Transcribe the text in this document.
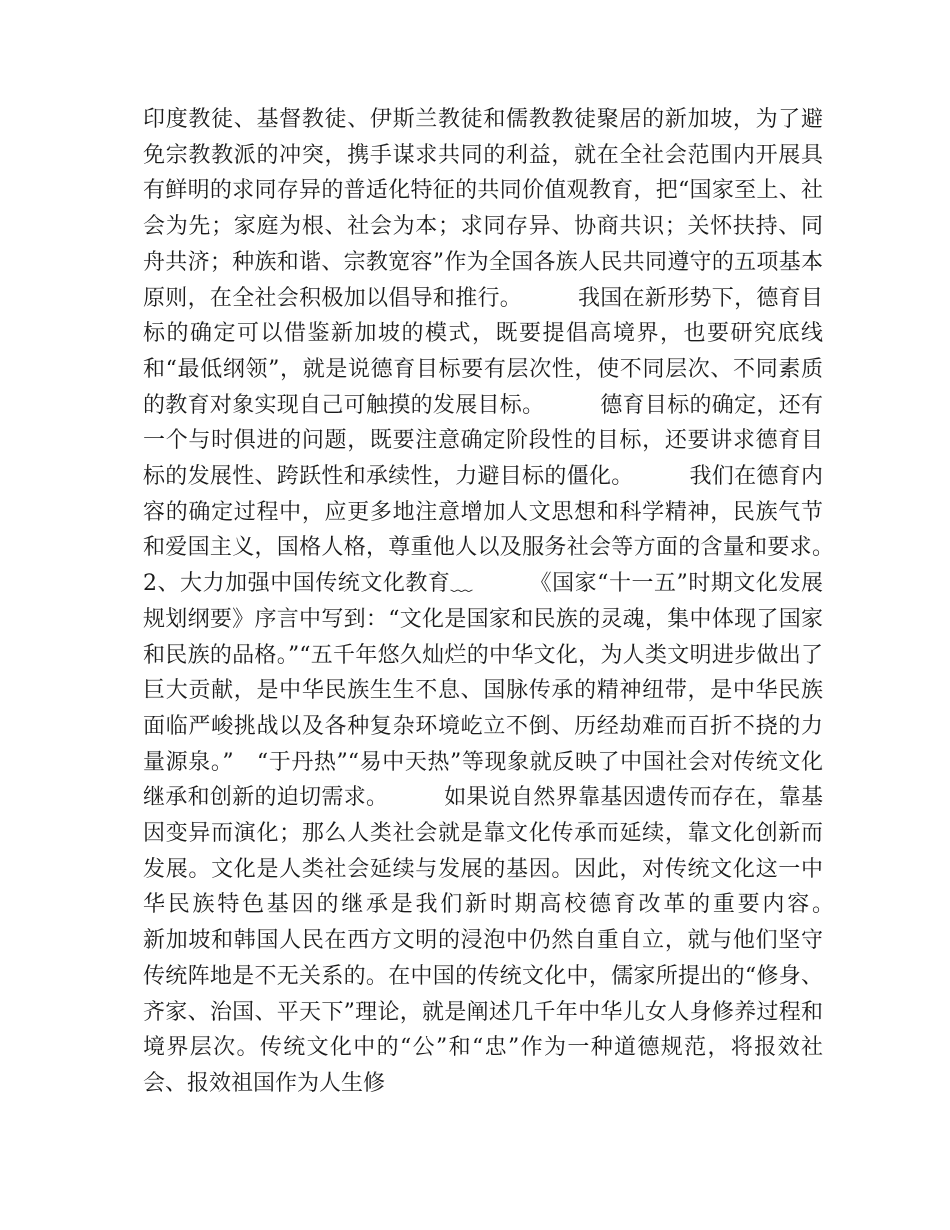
印度教徒、基督教徒、伊斯兰教徒和儒教教徒聚居的新加坡，为了避免宗教教派的冲突，携手谋求共同的利益，就在全社会范围内开展具有鲜明的求同存异的普适化特征的共同价值观教育，把“国家至上、社会为先；家庭为根、社会为本；求同存异、协商共识；关怀扶持、同舟共济；种族和谐、宗教宽容”作为全国各族人民共同遵守的五项基本原则，在全社会积极加以倡导和推行。　　　我国在新形势下，德育目标的确定可以借鉴新加坡的模式，既要提倡高境界，也要研究底线和“最低纲领”，就是说德育目标要有层次性，使不同层次、不同素质的教育对象实现自己可触摸的发展目标。　　　德育目标的确定，还有一个与时俱进的问题，既要注意确定阶段性的目标，还要讲求德育目标的发展性、跨跃性和承续性，力避目标的僵化。　　　我们在德育内容的确定过程中，应更多地注意增加人文思想和科学精神，民族气节和爱国主义，国格人格，尊重他人以及服务社会等方面的含量和要求。　　　2、大力加强中国传统文化教育﹏　　　《国家“十一五”时期文化发展规划纲要》序言中写到：“文化是国家和民族的灵魂，集中体现了国家和民族的品格。”“五千年悠久灿烂的中华文化，为人类文明进步做出了巨大贡献，是中华民族生生不息、国脉传承的精神纽带，是中华民族面临严峻挑战以及各种复杂环境屹立不倒、历经劫难而百折不挠的力量源泉。”　“于丹热”“易中天热”等现象就反映了中国社会对传统文化继承和创新的迫切需求。　　　如果说自然界靠基因遗传而存在，靠基因变异而演化；那么人类社会就是靠文化传承而延续，靠文化创新而发展。文化是人类社会延续与发展的基因。因此，对传统文化这一中华民族特色基因的继承是我们新时期高校德育改革的重要内容。　　　新加坡和韩国人民在西方文明的浸泡中仍然自重自立，就与他们坚守传统阵地是不无关系的。在中国的传统文化中，儒家所提出的“修身、齐家、治国、平天下”理论，就是阐述几千年中华儿女人身修养过程和境界层次。传统文化中的“公”和“忠”作为一种道德规范，将报效社会、报效祖国作为人生修
